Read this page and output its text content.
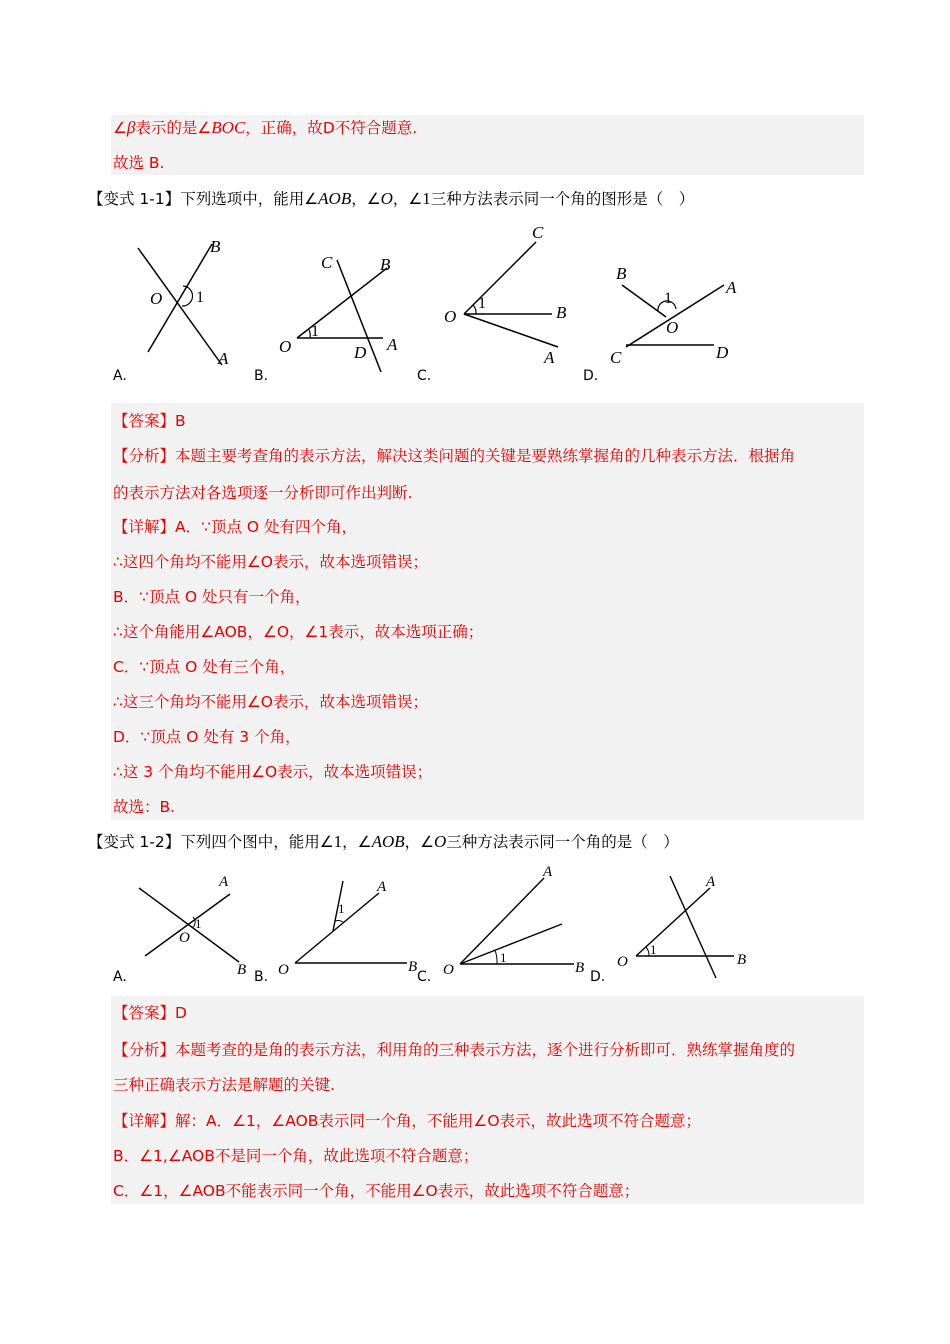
∠β表示的是∠BOC，正确，故D不符合题意.
故选 B.
【变式 1-1】下列选项中，能用∠AOB，∠O，∠1三种方法表示同一个角的图形是（　）
B
O 1
A
A.
C	B
1
O	D A
B.
C
1
O	B
A
C.
B
1
A
O
C	D
D.
【答案】B
【分析】本题主要考查角的表示方法，解决这类问题的关键是要熟练掌握角的几种表示方法．根据角
的表示方法对各选项逐一分析即可作出判断.
【详解】A．∵顶点 O 处有四个角，
∴这四个角均不能用∠O表示，故本选项错误；
B．∵顶点 O 处只有一个角，
∴这个角能用∠AOB，∠O，∠1表示，故本选项正确；
C．∵顶点 O 处有三个角，
∴这三个角均不能用∠O表示，故本选项错误；
D．∵顶点 O 处有 3 个角，
∴这 3 个角均不能用∠O表示，故本选项错误；
故选：B.
【变式 1-2】下列四个图中，能用∠1，∠AOB，∠O三种方法表示同一个角的是（　）
A
1
O
B
A.
A
1
O	B
B.
A
1
O	B
C.
A
1
O	B
D.
【答案】D
【分析】本题考查的是角的表示方法，利用角的三种表示方法，逐个进行分析即可．熟练掌握角度的
三种正确表示方法是解题的关键.
【详解】解：A．∠1，∠AOB表示同一个角，不能用∠O表示，故此选项不符合题意；
B．∠1,∠AOB不是同一个角，故此选项不符合题意；
C．∠1，∠AOB不能表示同一个角，不能用∠O表示，故此选项不符合题意；
